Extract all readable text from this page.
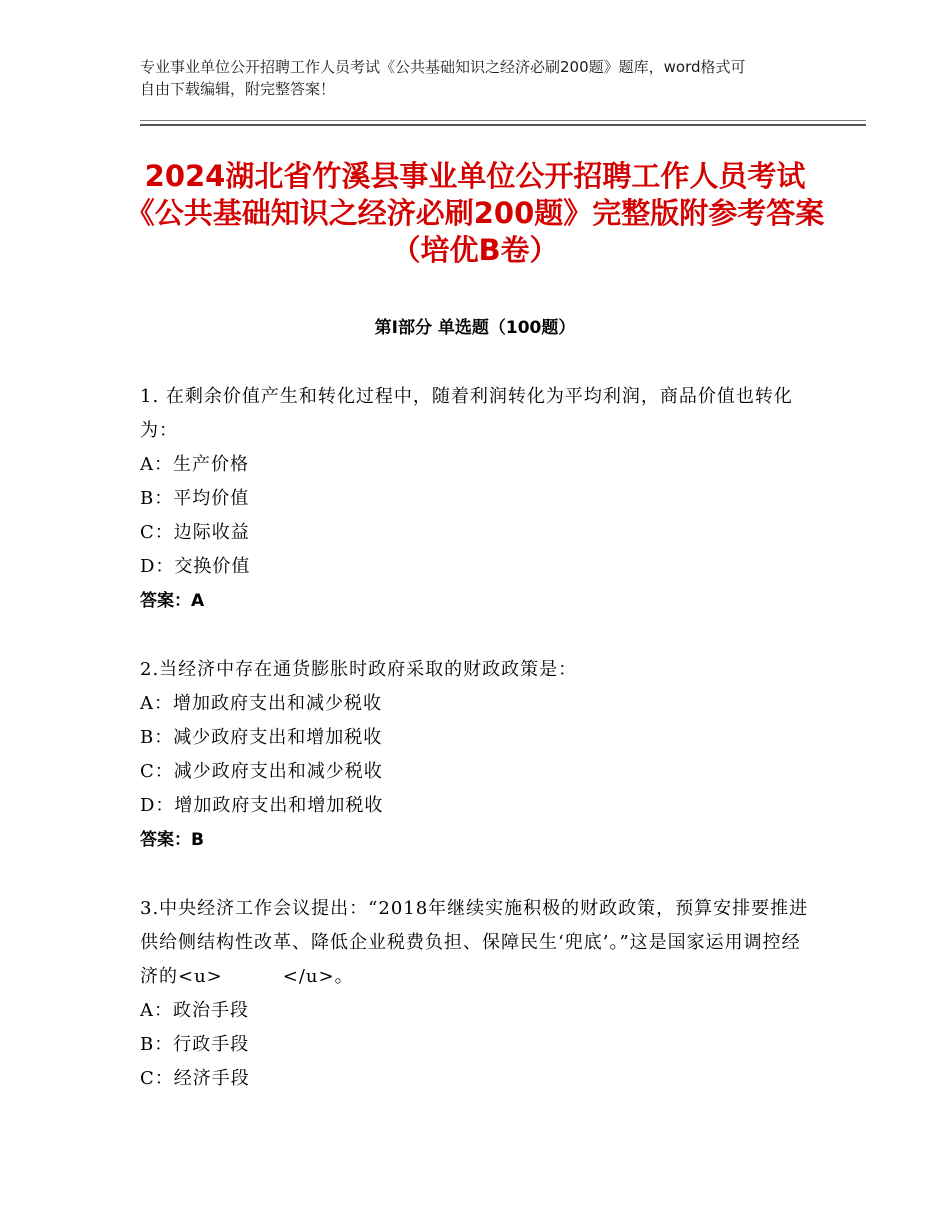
专业事业单位公开招聘工作人员考试《公共基础知识之经济必刷200题》题库，word格式可自由下载编辑，附完整答案！
2024湖北省竹溪县事业单位公开招聘工作人员考试《公共基础知识之经济必刷200题》完整版附参考答案（培优B卷）
第Ⅰ部分 单选题（100题）
1. 在剩余价值产生和转化过程中，随着利润转化为平均利润，商品价值也转化为：
A：生产价格
B：平均价值
C：边际收益
D：交换价值
答案：A
2.当经济中存在通货膨胀时政府采取的财政政策是：
A：增加政府支出和减少税收
B：减少政府支出和增加税收
C：减少政府支出和减少税收
D：增加政府支出和增加税收
答案：B
3.中央经济工作会议提出：“2018年继续实施积极的财政政策，预算安排要推进供给侧结构性改革、降低企业税费负担、保障民生‘兜底’。”这是国家运用调控经济的<u>	</u>。
A：政治手段
B：行政手段
C：经济手段
